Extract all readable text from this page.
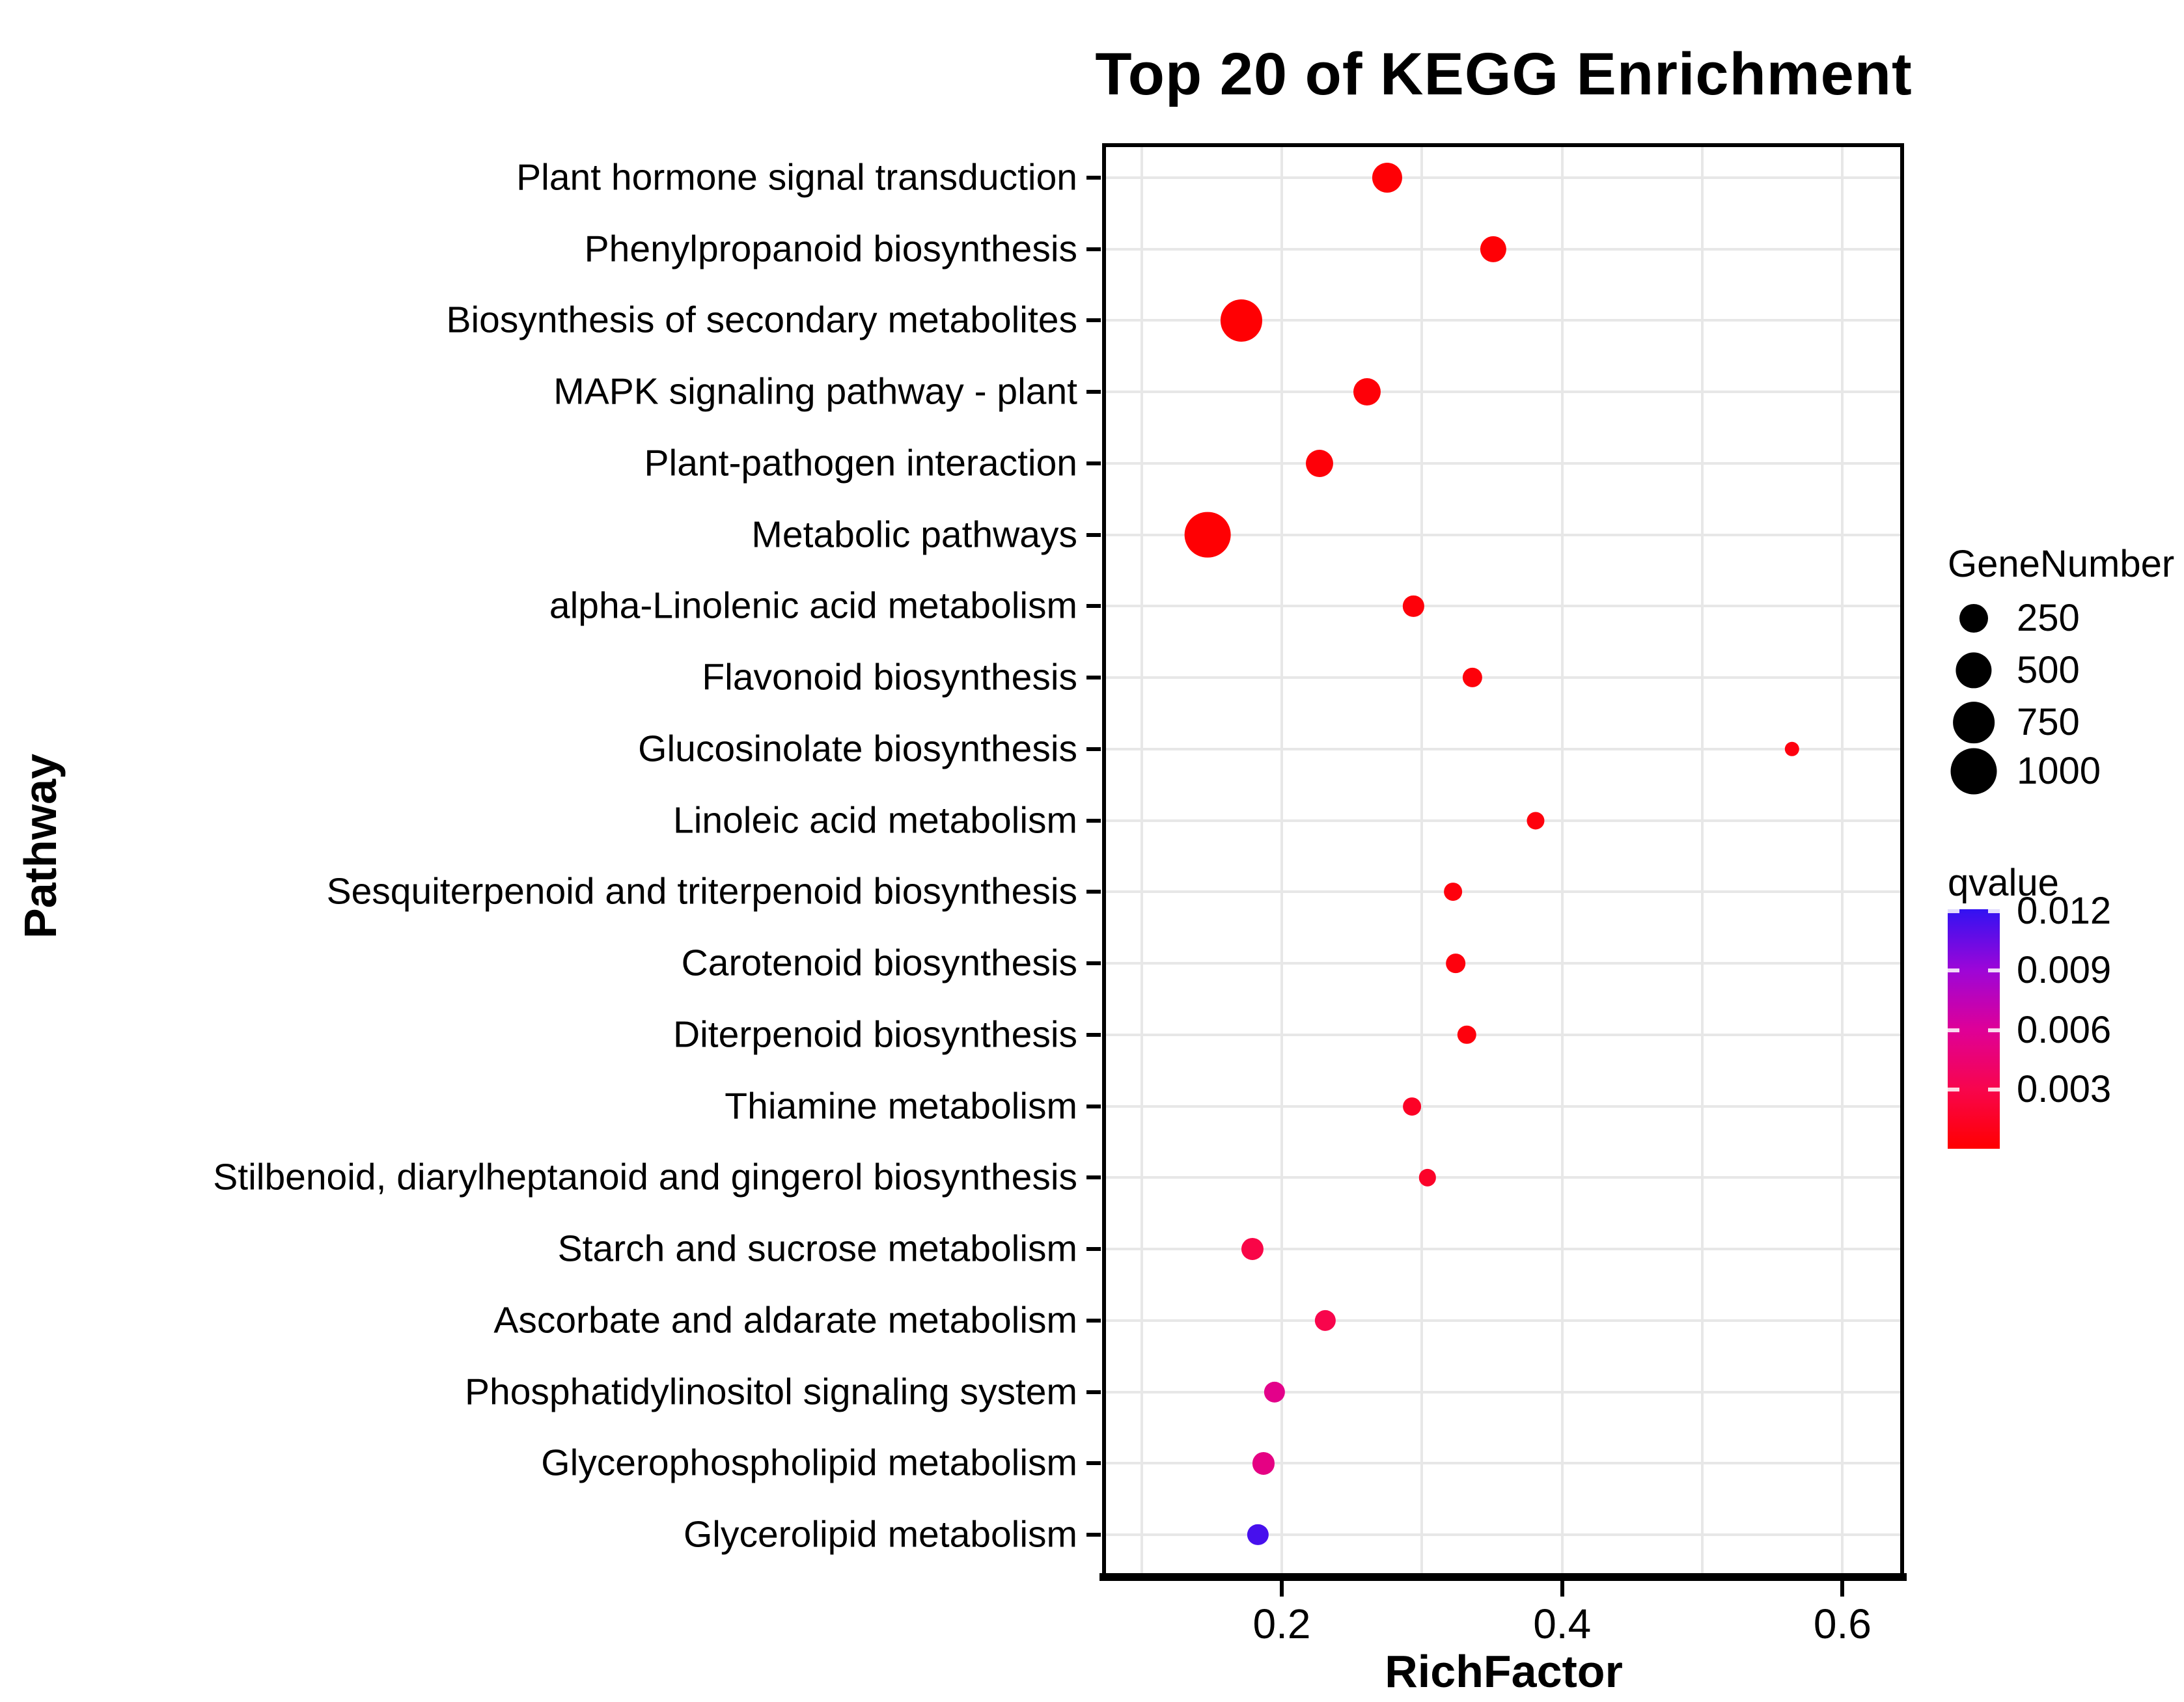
Top 20 of KEGG Enrichment
Pathway
Plant hormone signal transduction
Phenylpropanoid biosynthesis
Biosynthesis of secondary metabolites
MAPK signaling pathway - plant
Plant-pathogen interaction
Metabolic pathways
alpha-Linolenic acid metabolism
Flavonoid biosynthesis
Glucosinolate biosynthesis
Linoleic acid metabolism
Sesquiterpenoid and triterpenoid biosynthesis
Carotenoid biosynthesis
Diterpenoid biosynthesis
Thiamine metabolism
Stilbenoid, diarylheptanoid and gingerol biosynthesis
Starch and sucrose metabolism
Ascorbate and aldarate metabolism
Phosphatidylinositol signaling system
Glycerophospholipid metabolism
Glycerolipid metabolism
0.2	0.4	0.6
RichFactor
GeneNumber
250
500
750
1000
qvalue
0.012
0.009
0.006
0.003
